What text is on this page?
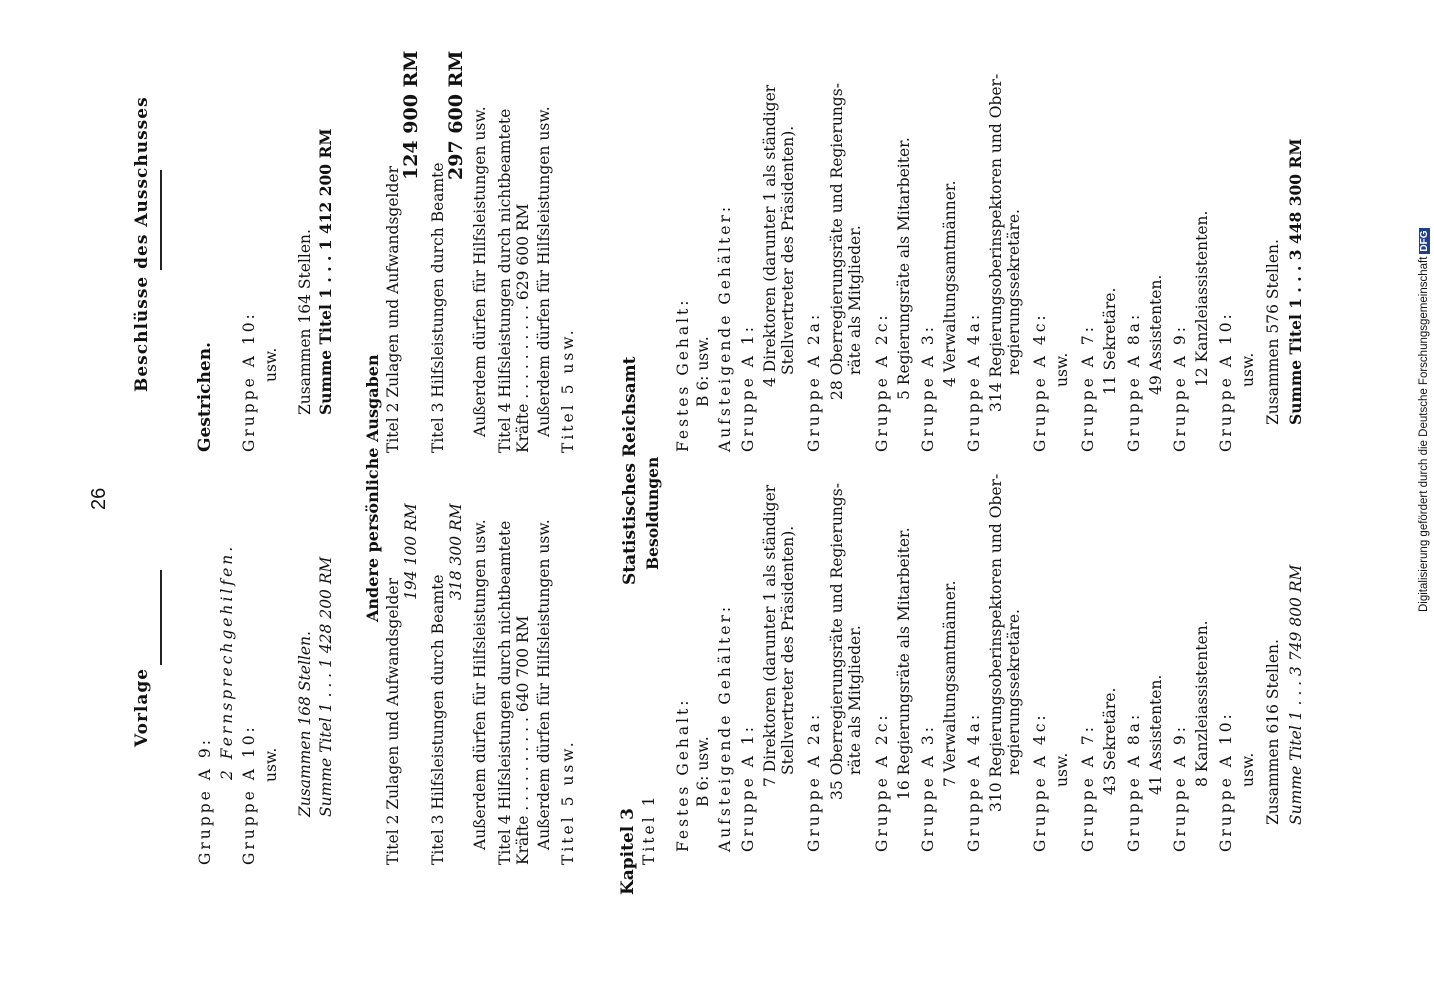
26
Vorlage
Beschlüsse des Ausschusses
Gruppe A 9:
2 Fernsprechgehilfen.
Gruppe A 10: usw. Zusammen 168 Stellen. Summe Titel 1 . . . 1 428 200 RM
Gestrichen. Gruppe A 10: usw. Zusammen 164 Stellen. Summe Titel 1 . . . 1 412 200 RM
Andere persönliche Ausgaben
Titel 2 Zulagen und Aufwandsgelder
194 100 RM
Titel 3 Hilfsleistungen durch Beamte
318 300 RM Außerdem dürfen für Hilfsleistungen usw. Titel 4 Hilfsleistungen durch nichtbeamtete Kräfte . . . . . . . . . . 640 700 RM Außerdem dürfen für Hilfsleistungen usw. Titel 5 usw.
Titel 2 Zulagen und Aufwandsgelder
124 900 RM
Titel 3 Hilfsleistungen durch Beamte
297 600 RM Außerdem dürfen für Hilfsleistungen usw. Titel 4 Hilfsleistungen durch nichtbeamtete Kräfte . . . . . . . . . . 629 600 RM Außerdem dürfen für Hilfsleistungen usw. Titel 5 usw.
Kapitel 3 Titel 1
Statistisches Reichsamt Besoldungen
Festes Gehalt: B 6: usw. Aufsteigende Gehälter: Gruppe A 1:
7 Direktoren (darunter 1 als ständiger Stellvertreter des Präsidenten).
Gruppe A 2a: 35 Oberregierungsräte und Regierungs- räte als Mitglieder.
Gruppe A 2c: 16 Regierungsräte als Mitarbeiter. Gruppe A 3:
7 Verwaltungsamtmänner. Gruppe A 4a: 310 Regierungsoberinspektoren und Ober- regierungssekretäre.
Gruppe A 4c: usw. Gruppe A 7: 43 Sekretäre. Gruppe A 8a: 41 Assistenten. Gruppe A 9:
8 Kanzleiassistenten. Gruppe A 10: usw. Zusammen 616 Stellen. Summe Titel 1 . . . 3 749 800 RM
Festes Gehalt: B 6: usw. Aufsteigende Gehälter: Gruppe A 1:
4 Direktoren (darunter 1 als ständiger Stellvertreter des Präsidenten).
Gruppe A 2a: 28 Oberregierungsräte und Regierungs- räte als Mitglieder.
Gruppe A 2c: 5 Regierungsräte als Mitarbeiter. Gruppe A 3:
4 Verwaltungsamtmänner. Gruppe A 4a: 314 Regierungsoberinspektoren und Ober- regierungssekretäre.
Gruppe A 4c: usw. Gruppe A 7: 11 Sekretäre. Gruppe A 8a: 49 Assistenten. Gruppe A 9:
12 Kanzleiassistenten. Gruppe A 10: usw. Zusammen 576 Stellen. Summe Titel 1 . . . 3 448 300 RM	Digitalisierung gefördert durch die Deutsche ForschungsgemeinschaftDFG
